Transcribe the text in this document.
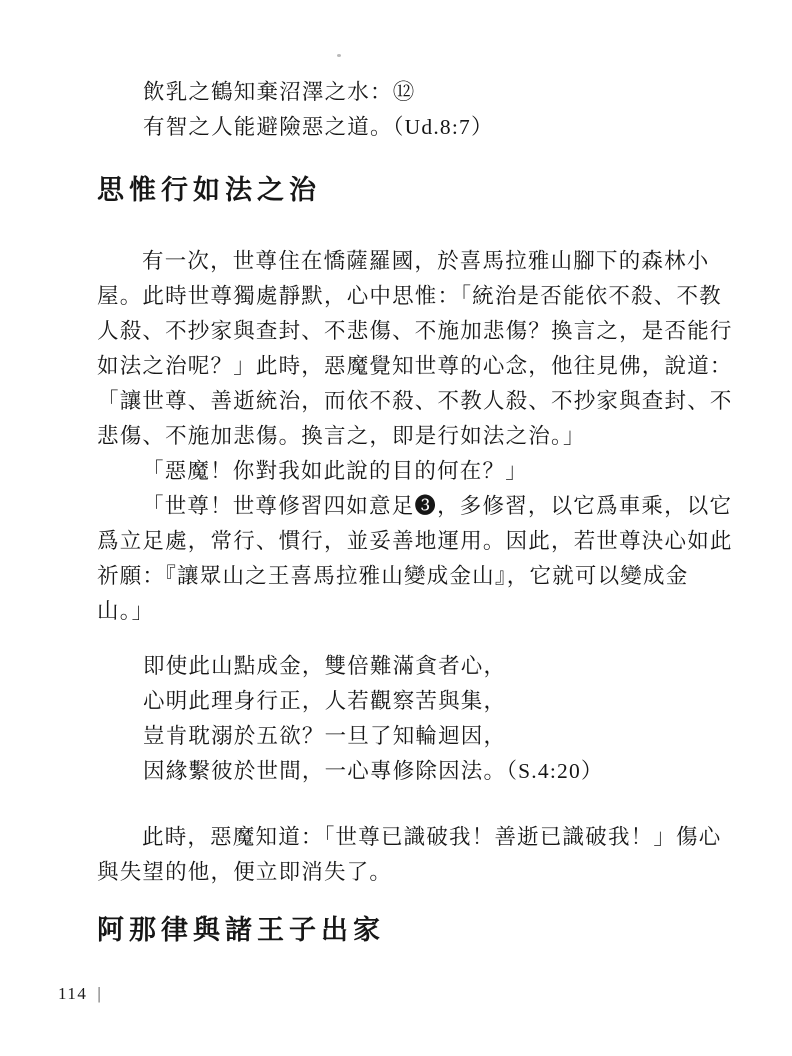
飲乳之鶴知棄沼澤之水：⑫
有智之人能避險惡之道。（Ud.8:7）
思惟行如法之治
有一次，世尊住在憍薩羅國，於喜馬拉雅山腳下的森林小
屋。此時世尊獨處靜默，心中思惟：「統治是否能依不殺、不教
人殺、不抄家與查封、不悲傷、不施加悲傷？換言之，是否能行
如法之治呢？」此時，惡魔覺知世尊的心念，他往見佛，說道：
「讓世尊、善逝統治，而依不殺、不教人殺、不抄家與查封、不
悲傷、不施加悲傷。換言之，即是行如法之治。」
「惡魔！你對我如此說的目的何在？」
「世尊！世尊修習四如意足❸，多修習，以它爲車乘，以它
爲立足處，常行、慣行，並妥善地運用。因此，若世尊決心如此
祈願：『讓眾山之王喜馬拉雅山變成金山』，它就可以變成金
山。」
即使此山點成金，雙倍難滿貪者心，
心明此理身行正，人若觀察苦與集，
豈肯耽溺於五欲？一旦了知輪迴因，
因緣繫彼於世間，一心專修除因法。（S.4:20）
此時，惡魔知道：「世尊已識破我！善逝已識破我！」傷心
與失望的他，便立即消失了。
阿那律與諸王子出家
114 |
